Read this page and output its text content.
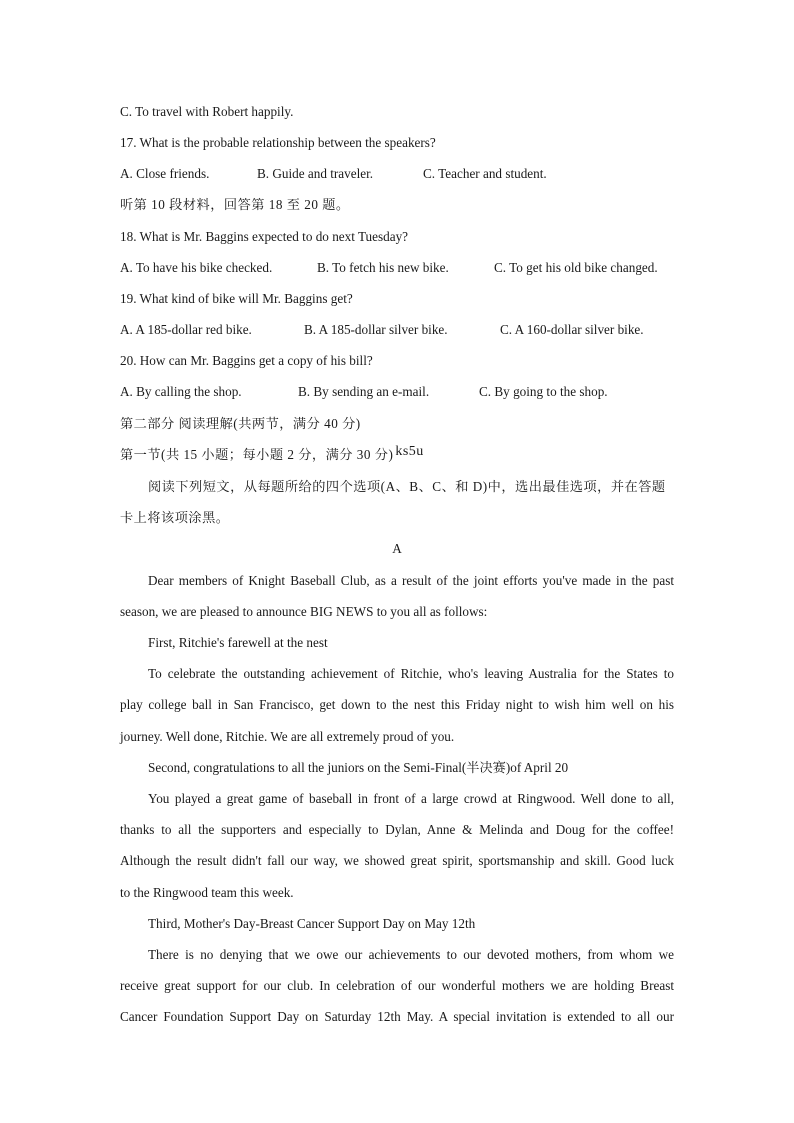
C. To travel with Robert happily.
17. What is the probable relationship between the speakers?
A. Close friends.	B. Guide and traveler.	C. Teacher and student.
听第 10 段材料，回答第 18 至 20 题。
18. What is Mr. Baggins expected to do next Tuesday?
A. To have his bike checked.	B. To fetch his new bike.	C. To get his old bike changed.
19. What kind of bike will Mr. Baggins get?
A. A 185-dollar red bike.	B. A 185-dollar silver bike.	C. A 160-dollar silver bike.
20. How can Mr. Baggins get a copy of his bill?
A. By calling the shop.	B. By sending an e-mail.	C. By going to the shop.
第二部分 阅读理解(共两节，满分 40 分)
第一节(共 15 小题；每小题 2 分，满分 30 分) ks5u
阅读下列短文，从每题所给的四个选项(A、B、C、和 D)中，选出最佳选项，并在答题
卡上将该项涂黑。
A
Dear members of Knight Baseball Club, as a result of the joint efforts you've made in the past
season, we are pleased to announce BIG NEWS to you all as follows:
First, Ritchie's farewell at the nest
To celebrate the outstanding achievement of Ritchie, who's leaving Australia for the States to
play college ball in San Francisco, get down to the nest this Friday night to wish him well on his
journey. Well done, Ritchie. We are all extremely proud of you.
Second, congratulations to all the juniors on the Semi-Final(半决赛)of April 20
You played a great game of baseball in front of a large crowd at Ringwood. Well done to all,
thanks to all the supporters and especially to Dylan, Anne & Melinda and Doug for the coffee!
Although the result didn't fall our way, we showed great spirit, sportsmanship and skill. Good luck
to the Ringwood team this week.
Third, Mother's Day-Breast Cancer Support Day on May 12th
There is no denying that we owe our achievements to our devoted mothers, from whom we
receive great support for our club. In celebration of our wonderful mothers we are holding Breast
Cancer Foundation Support Day on Saturday 12th May. A special invitation is extended to all our
